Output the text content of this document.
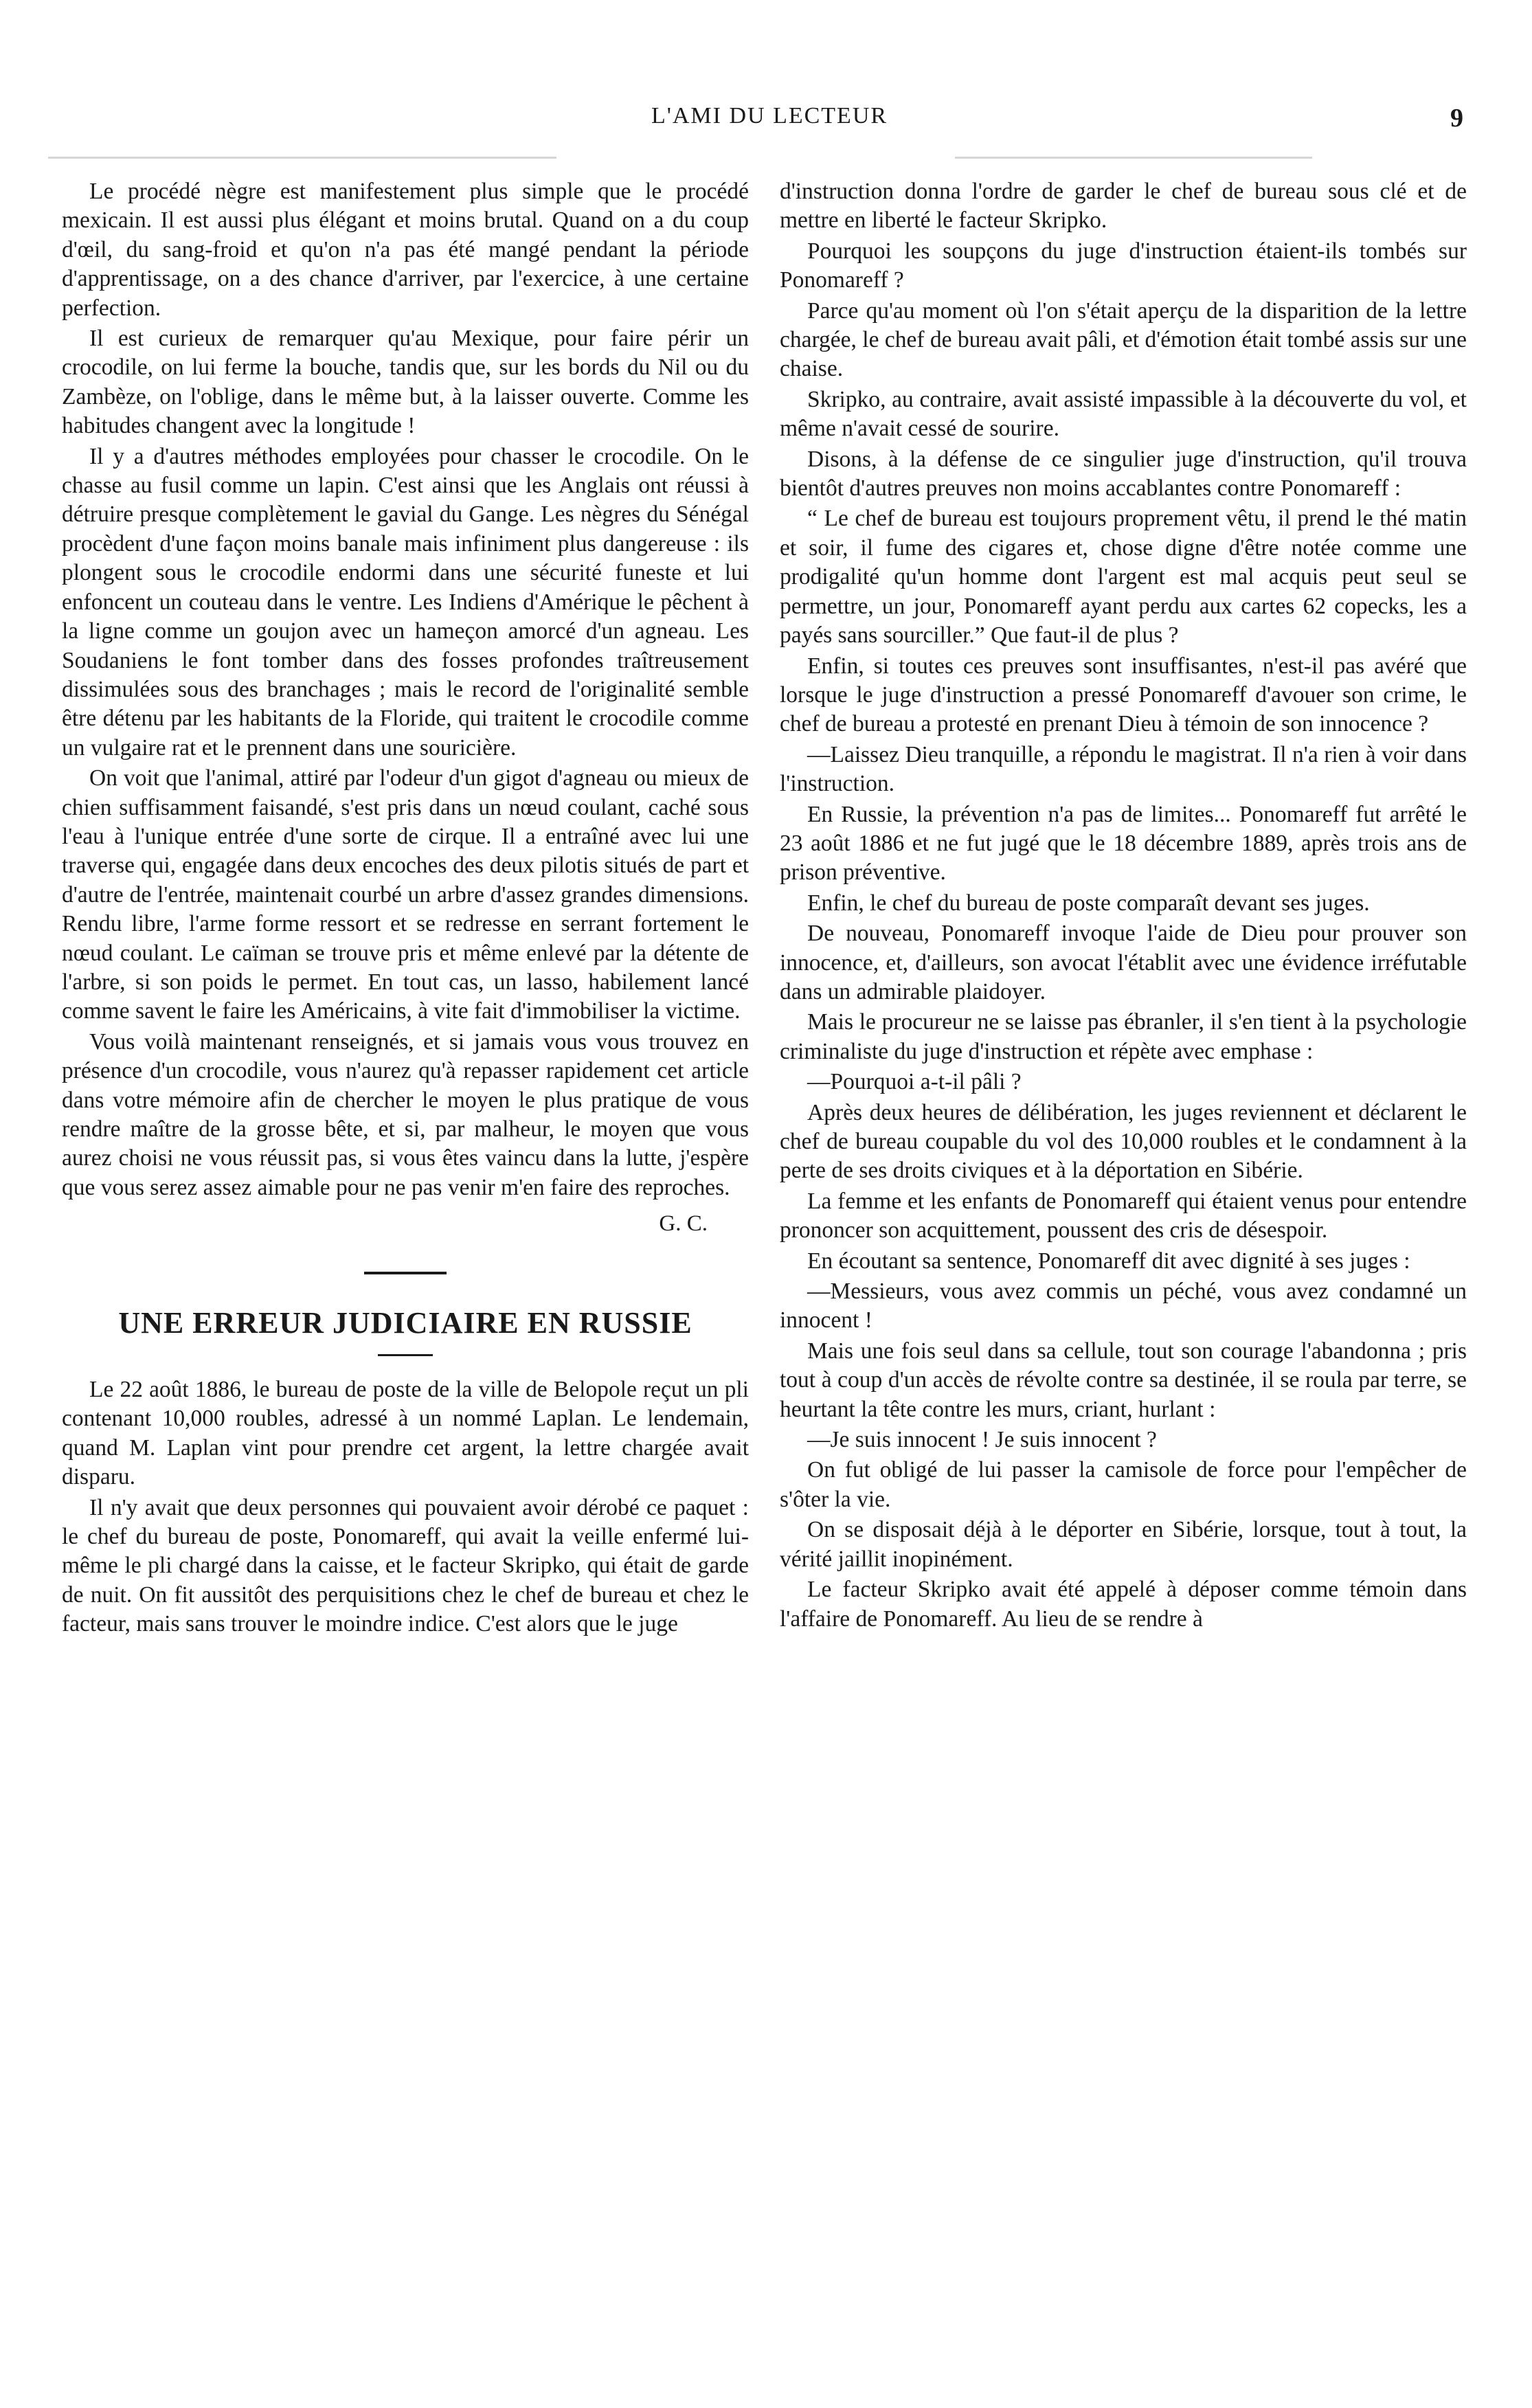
L'AMI DU LECTEUR	9

Le procédé nègre est manifestement plus simple que le procédé mexicain. Il est aussi plus élégant et moins brutal. Quand on a du coup d'œil, du sang-froid et qu'on n'a pas été mangé pendant la période d'apprentissage, on a des chance d'arriver, par l'exercice, à une certaine perfection.

Il est curieux de remarquer qu'au Mexique, pour faire périr un crocodile, on lui ferme la bouche, tandis que, sur les bords du Nil ou du Zambèze, on l'oblige, dans le même but, à la laisser ouverte. Comme les habitudes changent avec la longitude !

Il y a d'autres méthodes employées pour chasser le crocodile. On le chasse au fusil comme un lapin. C'est ainsi que les Anglais ont réussi à détruire presque complètement le gavial du Gange. Les nègres du Sénégal procèdent d'une façon moins banale mais infiniment plus dangereuse : ils plongent sous le crocodile endormi dans une sécurité funeste et lui enfoncent un couteau dans le ventre. Les Indiens d'Amérique le pêchent à la ligne comme un goujon avec un hameçon amorcé d'un agneau. Les Soudaniens le font tomber dans des fosses profondes traîtreusement dissimulées sous des branchages ; mais le record de l'originalité semble être détenu par les habitants de la Floride, qui traitent le crocodile comme un vulgaire rat et le prennent dans une souricière.

On voit que l'animal, attiré par l'odeur d'un gigot d'agneau ou mieux de chien suffisamment faisandé, s'est pris dans un nœud coulant, caché sous l'eau à l'unique entrée d'une sorte de cirque. Il a entraîné avec lui une traverse qui, engagée dans deux encoches des deux pilotis situés de part et d'autre de l'entrée, maintenait courbé un arbre d'assez grandes dimensions. Rendu libre, l'arme forme ressort et se redresse en serrant fortement le nœud coulant. Le caïman se trouve pris et même enlevé par la détente de l'arbre, si son poids le permet. En tout cas, un lasso, habilement lancé comme savent le faire les Américains, à vite fait d'immobiliser la victime.

Vous voilà maintenant renseignés, et si jamais vous vous trouvez en présence d'un crocodile, vous n'aurez qu'à repasser rapidement cet article dans votre mémoire afin de chercher le moyen le plus pratique de vous rendre maître de la grosse bête, et si, par malheur, le moyen que vous aurez choisi ne vous réussit pas, si vous êtes vaincu dans la lutte, j'espère que vous serez assez aimable pour ne pas venir m'en faire des reproches.

G. C.
UNE ERREUR JUDICIAIRE EN RUSSIE

Le 22 août 1886, le bureau de poste de la ville de Belopole reçut un pli contenant 10,000 roubles, adressé à un nommé Laplan. Le lendemain, quand M. Laplan vint pour prendre cet argent, la lettre chargée avait disparu.

Il n'y avait que deux personnes qui pouvaient avoir dérobé ce paquet : le chef du bureau de poste, Ponomareff, qui avait la veille enfermé lui-même le pli chargé dans la caisse, et le facteur Skripko, qui était de garde de nuit. On fit aussitôt des perquisitions chez le chef de bureau et chez le facteur, mais sans trouver le moindre indice. C'est alors que le juge

d'instruction donna l'ordre de garder le chef de bureau sous clé et de mettre en liberté le facteur Skripko.

Pourquoi les soupçons du juge d'instruction étaient-ils tombés sur Ponomareff ?

Parce qu'au moment où l'on s'était aperçu de la disparition de la lettre chargée, le chef de bureau avait pâli, et d'émotion était tombé assis sur une chaise.

Skripko, au contraire, avait assisté impassible à la découverte du vol, et même n'avait cessé de sourire.

Disons, à la défense de ce singulier juge d'instruction, qu'il trouva bientôt d'autres preuves non moins accablantes contre Ponomareff :

“ Le chef de bureau est toujours proprement vêtu, il prend le thé matin et soir, il fume des cigares et, chose digne d'être notée comme une prodigalité qu'un homme dont l'argent est mal acquis peut seul se permettre, un jour, Ponomareff ayant perdu aux cartes 62 copecks, les a payés sans sourciller.” Que faut-il de plus ?

Enfin, si toutes ces preuves sont insuffisantes, n'est-il pas avéré que lorsque le juge d'instruction a pressé Ponomareff d'avouer son crime, le chef de bureau a protesté en prenant Dieu à témoin de son innocence ?

—Laissez Dieu tranquille, a répondu le magistrat. Il n'a rien à voir dans l'instruction.

En Russie, la prévention n'a pas de limites... Ponomareff fut arrêté le 23 août 1886 et ne fut jugé que le 18 décembre 1889, après trois ans de prison préventive.

Enfin, le chef du bureau de poste comparaît devant ses juges.

De nouveau, Ponomareff invoque l'aide de Dieu pour prouver son innocence, et, d'ailleurs, son avocat l'établit avec une évidence irréfutable dans un admirable plaidoyer.

Mais le procureur ne se laisse pas ébranler, il s'en tient à la psychologie criminaliste du juge d'instruction et répète avec emphase :

—Pourquoi a-t-il pâli ?

Après deux heures de délibération, les juges reviennent et déclarent le chef de bureau coupable du vol des 10,000 roubles et le condamnent à la perte de ses droits civiques et à la déportation en Sibérie.

La femme et les enfants de Ponomareff qui étaient venus pour entendre prononcer son acquittement, poussent des cris de désespoir.

En écoutant sa sentence, Ponomareff dit avec dignité à ses juges :

—Messieurs, vous avez commis un péché, vous avez condamné un innocent !

Mais une fois seul dans sa cellule, tout son courage l'abandonna ; pris tout à coup d'un accès de révolte contre sa destinée, il se roula par terre, se heurtant la tête contre les murs, criant, hurlant :

—Je suis innocent ! Je suis innocent ?

On fut obligé de lui passer la camisole de force pour l'empêcher de s'ôter la vie.

On se disposait déjà à le déporter en Sibérie, lorsque, tout à tout, la vérité jaillit inopinément.

Le facteur Skripko avait été appelé à déposer comme témoin dans l'affaire de Ponomareff. Au lieu de se rendre à
